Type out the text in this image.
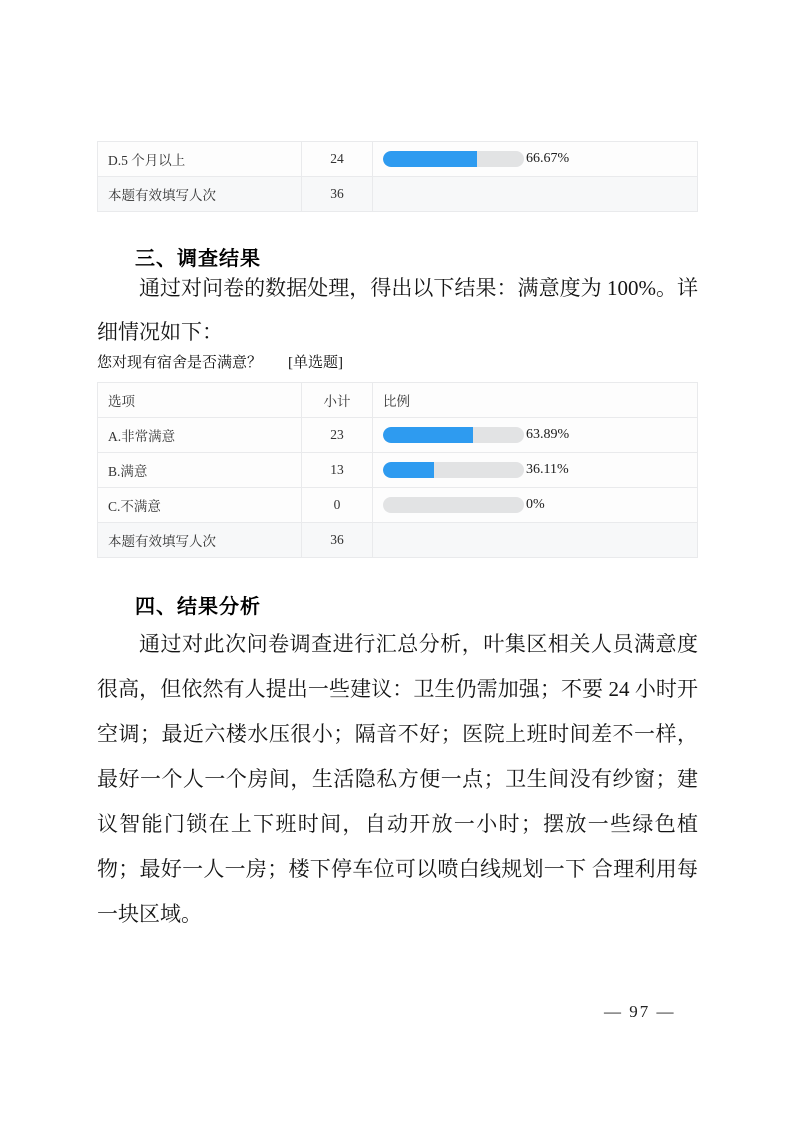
D.5 个月以上	24	66.67%

本题有效填写人次	36	
三、调查结果

通过对问卷的数据处理，得出以下结果：满意度为 100%。详细情况如下：

您对现有宿舍是否满意？ [单选题]

选项	小计	比例
A.非常满意	23	63.89%

B.满意	13	36.11%

C.不满意	0	0%

本题有效填写人次	36	
四、结果分析

通过对此次问卷调查进行汇总分析，叶集区相关人员满意度很高，但依然有人提出一些建议：卫生仍需加强；不要 24 小时开空调；最近六楼水压很小；隔音不好；医院上班时间差不一样，最好一个人一个房间，生活隐私方便一点；卫生间没有纱窗；建议智能门锁在上下班时间，自动开放一小时；摆放一些绿色植物；最好一人一房；楼下停车位可以喷白线规划一下 合理利用每一块区域。

— 97 —
